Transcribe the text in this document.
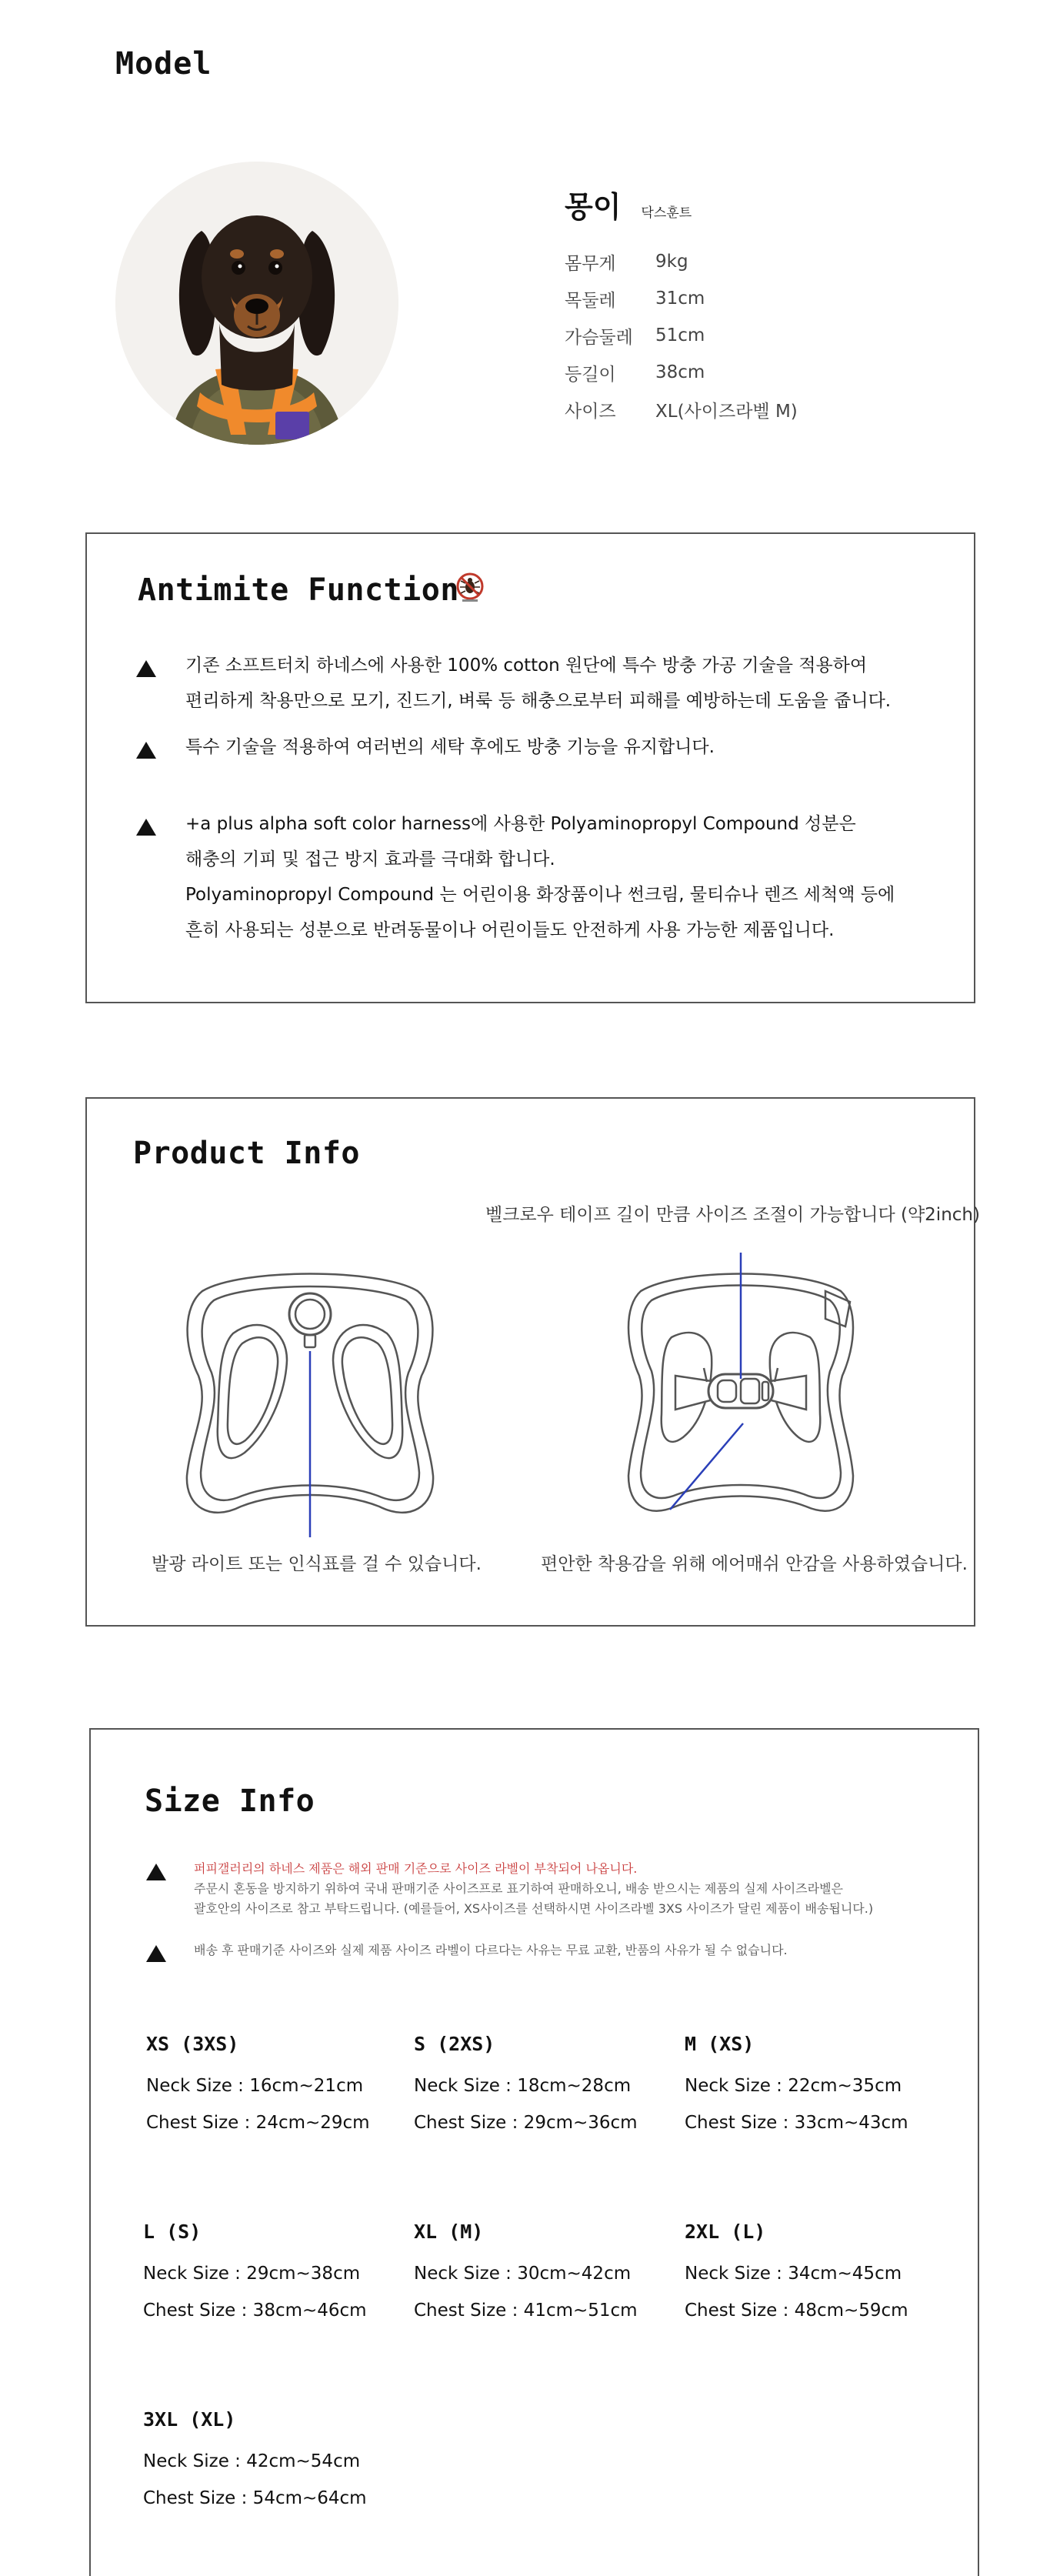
Model
몽이 닥스훈트
몸무게	9kg
목둘레	31cm
가슴둘레	51cm
등길이	38cm
사이즈	XL(사이즈라벨 M)
Antimite Function
기존 소프트터치 하네스에 사용한 100% cotton 원단에 특수 방충 가공 기술을 적용하여
편리하게 착용만으로 모기, 진드기, 벼룩 등 해충으로부터 피해를 예방하는데 도움을 줍니다.
특수 기술을 적용하여 여러번의 세탁 후에도 방충 기능을 유지합니다.
+a plus alpha soft color harness에 사용한 Polyaminopropyl Compound 성분은
해충의 기피 및 접근 방지 효과를 극대화 합니다.
Polyaminopropyl Compound 는 어린이용 화장품이나 썬크림, 물티슈나 렌즈 세척액 등에
흔히 사용되는 성분으로 반려동물이나 어린이들도 안전하게 사용 가능한 제품입니다.
Product Info
벨크로우 테이프 길이 만큼 사이즈 조절이 가능합니다 (약2inch)
발광 라이트 또는 인식표를 걸 수 있습니다.	편안한 착용감을 위해 에어매쉬 안감을 사용하였습니다.
Size Info
퍼피갤러리의 하네스 제품은 해외 판매 기준으로 사이즈 라벨이 부착되어 나옵니다.
주문시 혼동을 방지하기 위하여 국내 판매기준 사이즈프로 표기하여 판매하오니, 배송 받으시는 제품의 실제 사이즈라벨은
괄호안의 사이즈로 참고 부탁드립니다. (예를들어, XS사이즈를 선택하시면 사이즈라벨 3XS 사이즈가 달린 제품이 배송됩니다.)
배송 후 판매기준 사이즈와 실제 제품 사이즈 라벨이 다르다는 사유는 무료 교환, 반품의 사유가 될 수 없습니다.
XS (3XS)
Neck Size : 16cm~21cm
Chest Size : 24cm~29cm
S (2XS)
Neck Size : 18cm~28cm
Chest Size : 29cm~36cm
M (XS)
Neck Size : 22cm~35cm
Chest Size : 33cm~43cm
L (S)
Neck Size : 29cm~38cm
Chest Size : 38cm~46cm
XL (M)
Neck Size : 30cm~42cm
Chest Size : 41cm~51cm
2XL (L)
Neck Size : 34cm~45cm
Chest Size : 48cm~59cm
3XL (XL)
Neck Size : 42cm~54cm
Chest Size : 54cm~64cm
